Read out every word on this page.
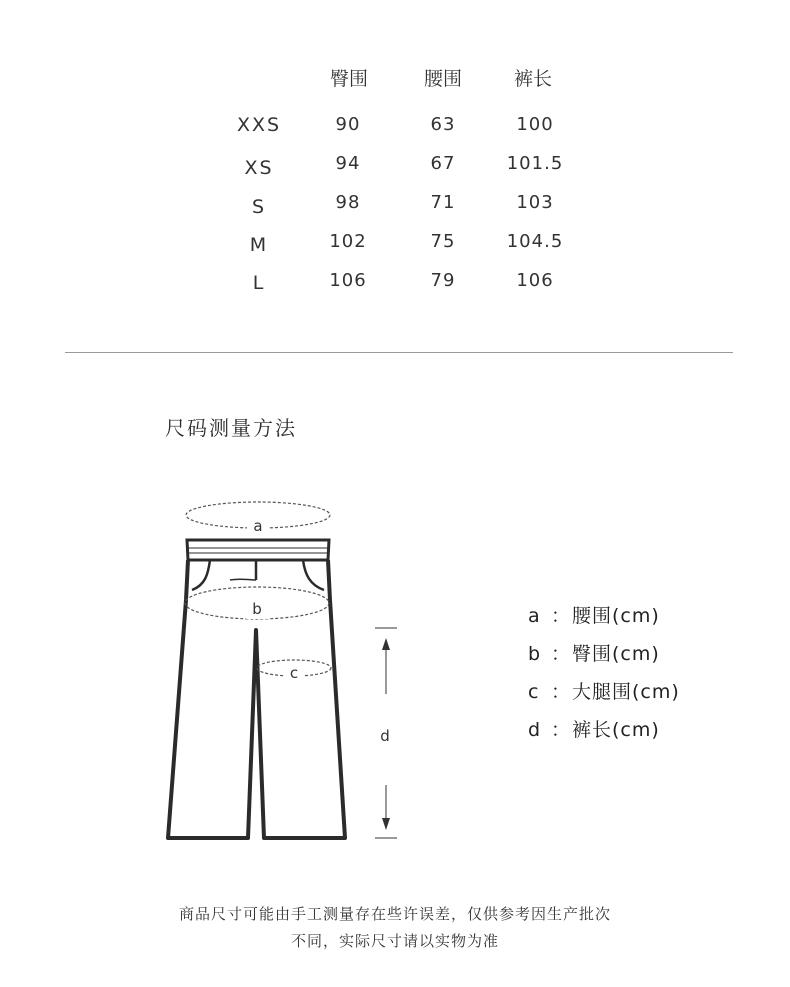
臀围	腰围	裤长
XXS	90	63	100
XS	94	67	101.5
S	98	71	103
M	102	75	104.5
L	106	79	106
尺码测量方法
a
b
c
d
a ：腰围(cm)
b ：臀围(cm)
c ：大腿围(cm)
d ：裤长(cm)
商品尺寸可能由手工测量存在些许误差，仅供参考因生产批次
不同，实际尺寸请以实物为准
